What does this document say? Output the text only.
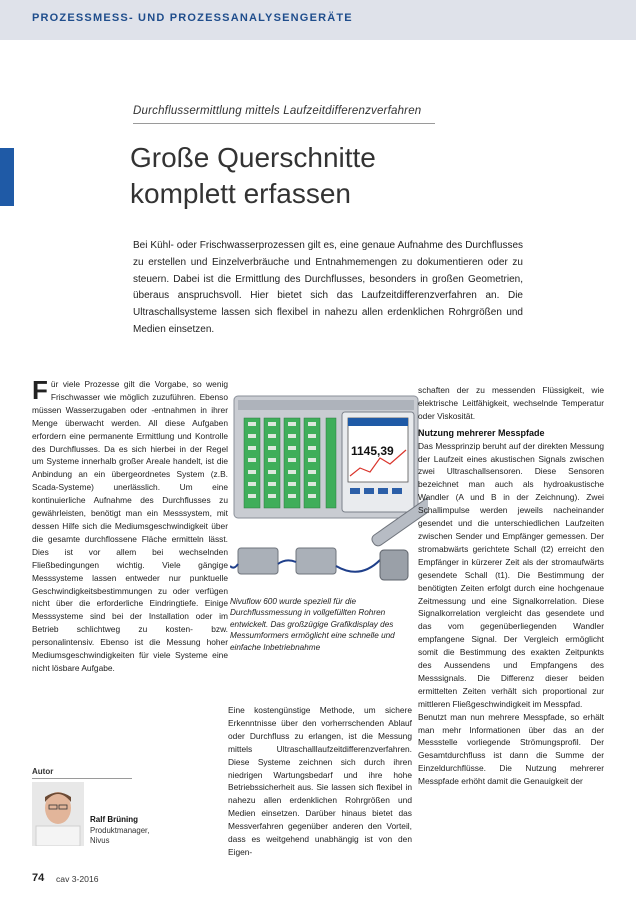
PROZESSMESS- UND PROZESSANALYSENGERÄTE
Durchflussermittlung mittels Laufzeitdifferenzverfahren
Große Querschnitte
komplett erfassen

Bei Kühl- oder Frischwasserprozessen gilt es, eine genaue Aufnahme des Durchflusses zu erstellen und Einzelverbräuche und Entnahmemengen zu dokumentieren oder zu steuern. Dabei ist die Ermittlung des Durchflusses, besonders in großen Geometrien, überaus anspruchsvoll. Hier bietet sich das Laufzeitdifferenzverfahren an. Die Ultraschallsysteme lassen sich flexibel in nahezu allen erdenklichen Rohrgrößen und Medien einsetzen.

F ür viele Prozesse gilt die Vorgabe, so wenig Frischwasser wie möglich zuzuführen. Ebenso müssen Wasserzugaben oder -entnahmen in ihrer Menge überwacht werden. All diese Aufgaben erfordern eine permanente Ermittlung und Kontrolle des Durchflusses. Da es sich hierbei in der Regel um Systeme innerhalb großer Areale handelt, ist die Anbindung an ein übergeordnetes System (z.B. Scada-Systeme) unerlässlich. Um eine kontinuierliche Aufnahme des Durchflusses zu gewährleisten, benötigt man ein Messsystem, mit dessen Hilfe sich die Mediumsgeschwindigkeit über die gesamte durchflossene Fläche ermitteln lässt. Dies ist vor allem bei wechselnden Fließbedingungen wichtig. Viele gängige Messsysteme lassen entweder nur punktuelle Geschwindigkeitsbestimmungen zu oder verfügen nicht über die erforderliche Eindringtiefe. Einige Messsysteme sind bei der Installation oder im Betrieb schlichtweg zu kosten- bzw. personalintensiv. Ebenso ist die Messung hoher Mediumsgeschwindigkeiten für viele Systeme eine nicht lösbare Aufgabe.

1145,39
Nivuflow 600 wurde speziell für die Durchflussmessung in vollgefüllten Rohren entwickelt. Das großzügige Grafikdisplay des Messumformers ermöglicht eine schnelle und einfache Inbetriebnahme

Eine kostengünstige Methode, um sichere Erkenntnisse über den vorherrschenden Ablauf oder Durchfluss zu erlangen, ist die Messung mittels Ultraschalllaufzeitdifferenzverfahren. Diese Systeme zeichnen sich durch ihren niedrigen Wartungsbedarf und ihre hohe Betriebssicherheit aus. Sie lassen sich flexibel in nahezu allen erdenklichen Rohrgrößen und Medien einsetzen. Darüber hinaus bietet das Messverfahren gegenüber anderen den Vorteil, dass es weitgehend unabhängig ist von den Eigen-

schaften der zu messenden Flüssigkeit, wie elektrische Leitfähigkeit, wechselnde Temperatur oder Viskosität.

Nutzung mehrerer Messpfade

Das Messprinzip beruht auf der direkten Messung der Laufzeit eines akustischen Signals zwischen zwei Ultraschallsensoren. Diese Sensoren bezeichnet man auch als hydroakustische Wandler (A und B in der Zeichnung). Zwei Schallimpulse werden jeweils nacheinander gesendet und die unterschiedlichen Laufzeiten zwischen Sender und Empfänger gemessen. Der stromabwärts gerichtete Schall (t2) erreicht den Empfänger in kürzerer Zeit als der stromaufwärts gesendete Schall (t1). Die Bestimmung der benötigten Zeiten erfolgt durch eine hochgenaue Zeitmessung und eine Signalkorrelation. Diese Signalkorrelation vergleicht das gesendete und das vom gegenüberliegenden Wandler empfangene Signal. Der Vergleich ermöglicht somit die Bestimmung des exakten Zeitpunkts des Aussendens und Empfangens des Messsignals. Die Differenz dieser beiden ermittelten Zeiten verhält sich proportional zur mittleren Fließgeschwindigkeit im Messpfad.

Benutzt man nun mehrere Messpfade, so erhält man mehr Informationen über das an der Messstelle vorliegende Strömungsprofil. Der Gesamtdurchfluss ist dann die Summe der Einzeldurchflüsse. Die Nutzung mehrerer Messpfade erhöht damit die Genauigkeit der

Autor
Ralf Brüning
Produktmanager,
Nivus
74 cav 3-2016
